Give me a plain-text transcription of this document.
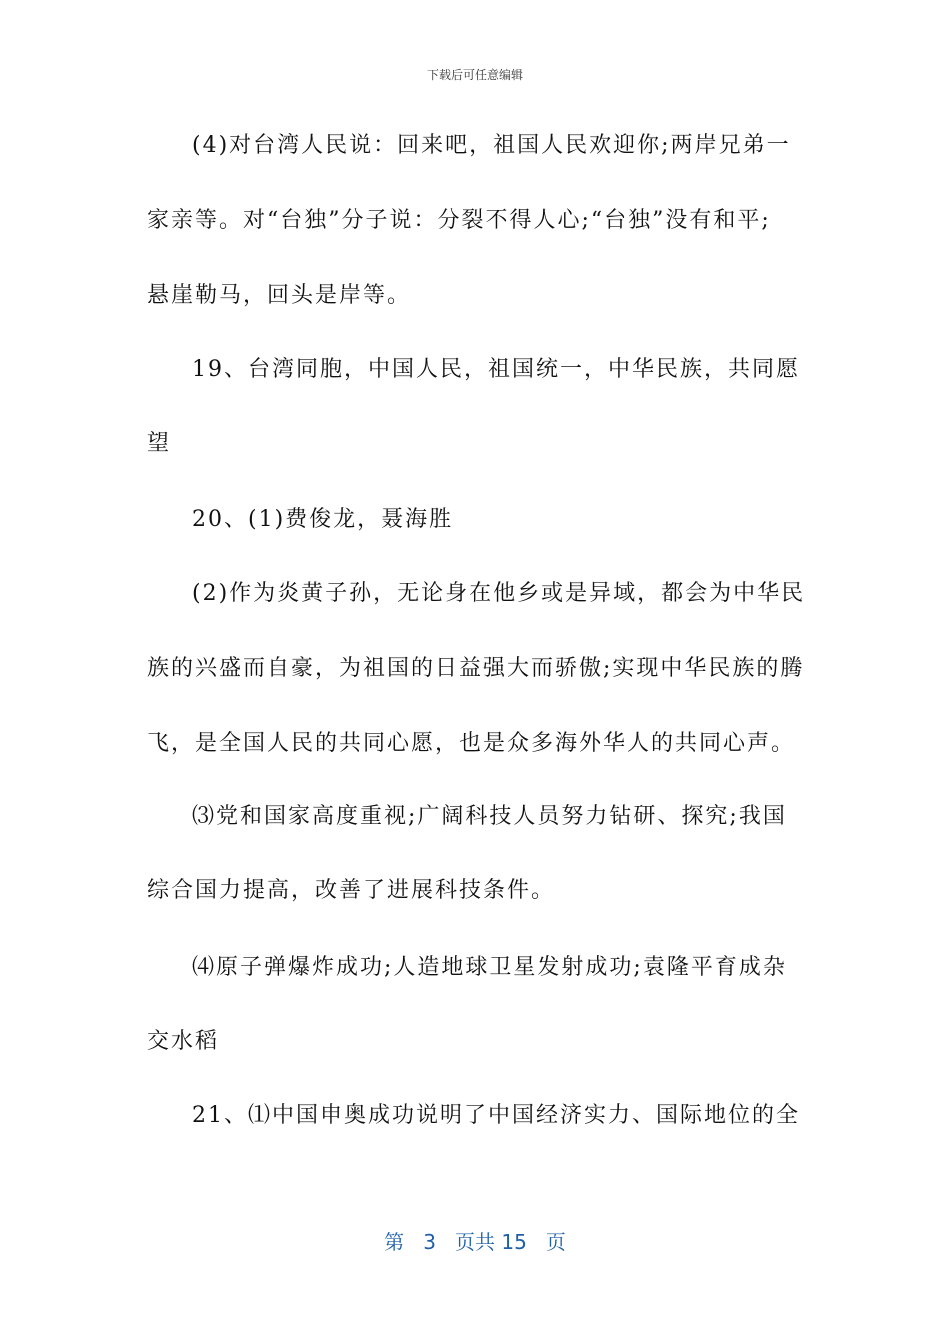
下载后可任意编辑
(4)对台湾人民说：回来吧，祖国人民欢迎你;两岸兄弟一
家亲等。对“台独”分子说：分裂不得人心;“台独”没有和平;
悬崖勒马，回头是岸等。
19、台湾同胞，中国人民，祖国统一，中华民族，共同愿
望
20、(1)费俊龙，聂海胜
(2)作为炎黄子孙，无论身在他乡或是异域，都会为中华民
族的兴盛而自豪，为祖国的日益强大而骄傲;实现中华民族的腾
飞，是全国人民的共同心愿，也是众多海外华人的共同心声。
⑶党和国家高度重视;广阔科技人员努力钻研、探究;我国
综合国力提高，改善了进展科技条件。
⑷原子弹爆炸成功;人造地球卫星发射成功;袁隆平育成杂
交水稻
21、⑴中国申奥成功说明了中国经济实力、国际地位的全
第 3 页共 15 页
